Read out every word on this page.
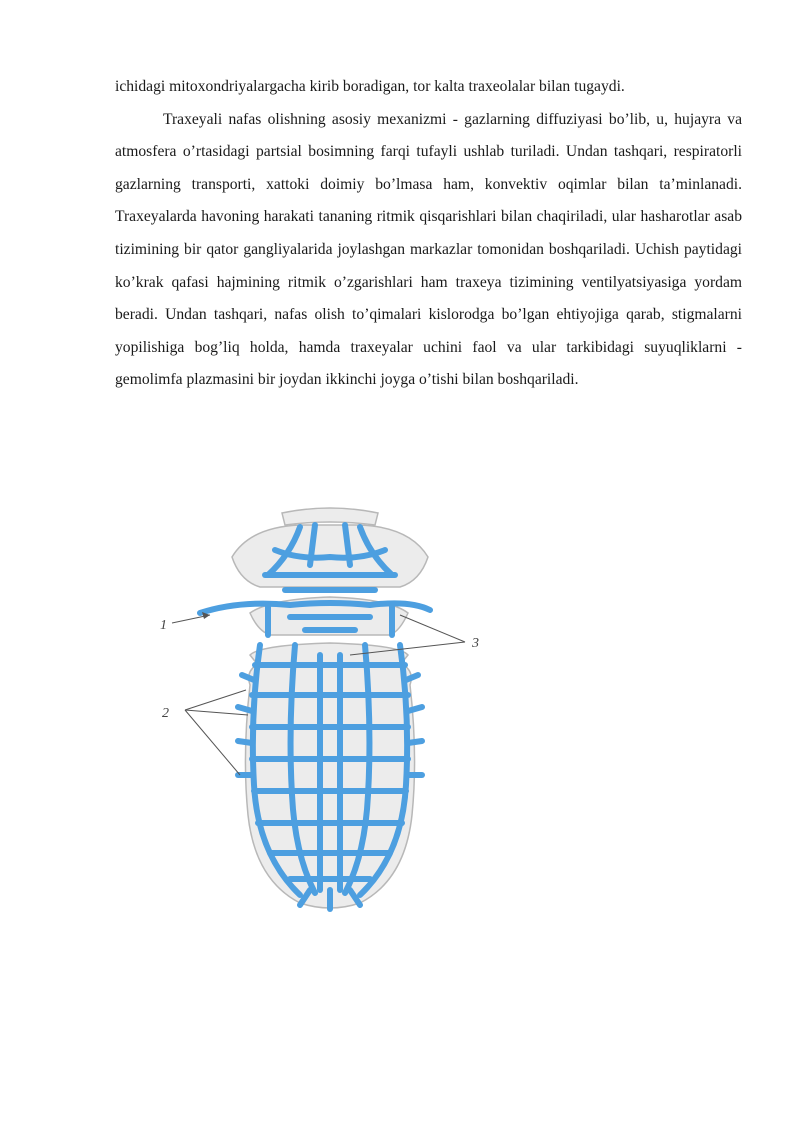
ichidagi mitoxondriyalargacha kirib boradigan, tor kalta traxeolalar bilan tugaydi.

Traxeyali nafas olishning asosiy mexanizmi - gazlarning diffuziyasi bo’lib, u, hujayra va atmosfera o’rtasidagi partsial bosimning farqi tufayli ushlab turiladi. Undan tashqari, respiratorli gazlarning transporti, xattoki doimiy bo’lmasa ham, konvektiv oqimlar bilan ta’minlanadi. Traxeyalarda havoning harakati tananing ritmik qisqarishlari bilan chaqiriladi, ular hasharotlar asab tizimining bir qator gangliyalarida joylashgan markazlar tomonidan boshqariladi. Uchish paytidagi ko’krak qafasi hajmining ritmik o’zgarishlari ham traxeya tizimining ventilyatsiyasiga yordam beradi. Undan tashqari, nafas olish to’qimalari kislorodga bo’lgan ehtiyojiga qarab, stigmalarni yopilishiga bog’liq holda, hamda traxeyalar uchini faol va ular tarkibidagi suyuqliklarni - gemolimfa plazmasini bir joydan ikkinchi joyga o’tishi bilan boshqariladi.

1
2
3
